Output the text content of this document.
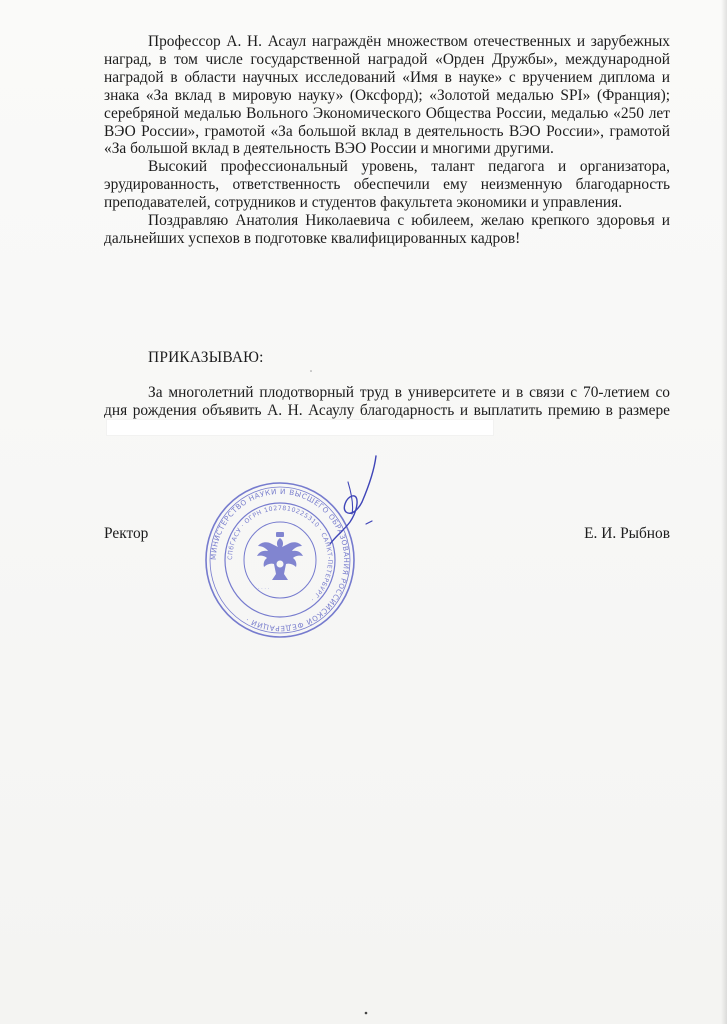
Профессор А. Н. Асаул награждён множеством отечественных и зарубежных наград, в том числе государственной наградой «Орден Дружбы», международной наградой в области научных исследований «Имя в науке» с вручением диплома и знака «За вклад в мировую науку» (Оксфорд); «Золотой медалью SPI» (Франция); серебряной медалью Вольного Экономического Общества России, медалью «250 лет ВЭО России», грамотой «За большой вклад в деятельность ВЭО России», грамотой «За большой вклад в деятельность ВЭО России и многими другими.

Высокий профессиональный уровень, талант педагога и организатора, эрудированность, ответственность обеспечили ему неизменную благодарность преподавателей, сотрудников и студентов факультета экономики и управления.

Поздравляю Анатолия Николаевича с юбилеем, желаю крепкого здоровья и дальнейших успехов в подготовке квалифицированных кадров!

ПРИКАЗЫВАЮ:

За многолетний плодотворный труд в университете и в связи с 70-летием со дня рождения объявить А. Н. Асаулу благодарность и выплатить премию в размере

Ректор	Е. И. Рыбнов
МИНИСТЕРСТВО НАУКИ И ВЫСШЕГО ОБРАЗОВАНИЯ РОССИЙСКОЙ ФЕДЕРАЦИИ ·
СПбГАСУ · ОГРН 1027810225310 · САНКТ-ПЕТЕРБУРГ ·
· · · ·
